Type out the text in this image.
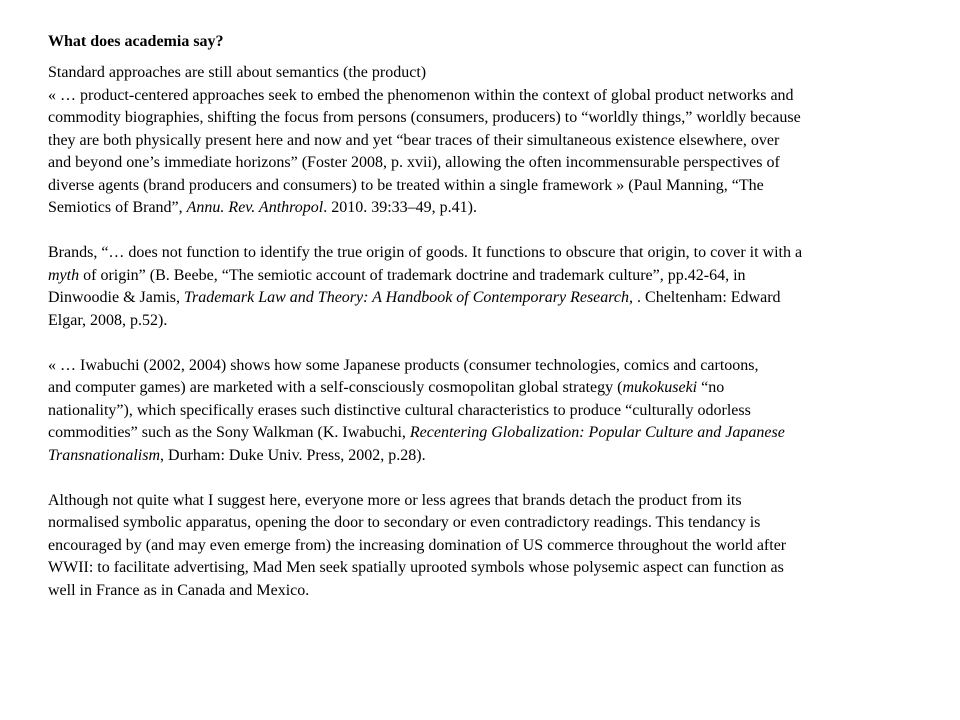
What does academia say?
Standard approaches are still about semantics (the product)
« … product-centered approaches seek to embed the phenomenon within the context of global product networks and
commodity biographies, shifting the focus from persons (consumers, producers) to “worldly things,” worldly because
they are both physically present here and now and yet “bear traces of their simultaneous existence elsewhere, over
and beyond one’s immediate horizons” (Foster 2008, p. xvii), allowing the often incommensurable perspectives of
diverse agents (brand producers and consumers) to be treated within a single framework » (Paul Manning, “The
Semiotics of Brand”, Annu. Rev. Anthropol. 2010. 39:33–49, p.41).
Brands, “… does not function to identify the true origin of goods. It functions to obscure that origin, to cover it with a
myth of origin” (B. Beebe, “The semiotic account of trademark doctrine and trademark culture”, pp.42-64, in
Dinwoodie & Jamis, Trademark Law and Theory: A Handbook of Contemporary Research, . Cheltenham: Edward
Elgar, 2008, p.52).
« … Iwabuchi (2002, 2004) shows how some Japanese products (consumer technologies, comics and cartoons,
and computer games) are marketed with a self-consciously cosmopolitan global strategy (mukokuseki “no
nationality”), which specifically erases such distinctive cultural characteristics to produce “culturally odorless
commodities” such as the Sony Walkman (K. Iwabuchi, Recentering Globalization: Popular Culture and Japanese
Transnationalism, Durham: Duke Univ. Press, 2002, p.28).
Although not quite what I suggest here, everyone more or less agrees that brands detach the product from its
normalised symbolic apparatus, opening the door to secondary or even contradictory readings. This tendancy is
encouraged by (and may even emerge from) the increasing domination of US commerce throughout the world after
WWII: to facilitate advertising, Mad Men seek spatially uprooted symbols whose polysemic aspect can function as
well in France as in Canada and Mexico.
